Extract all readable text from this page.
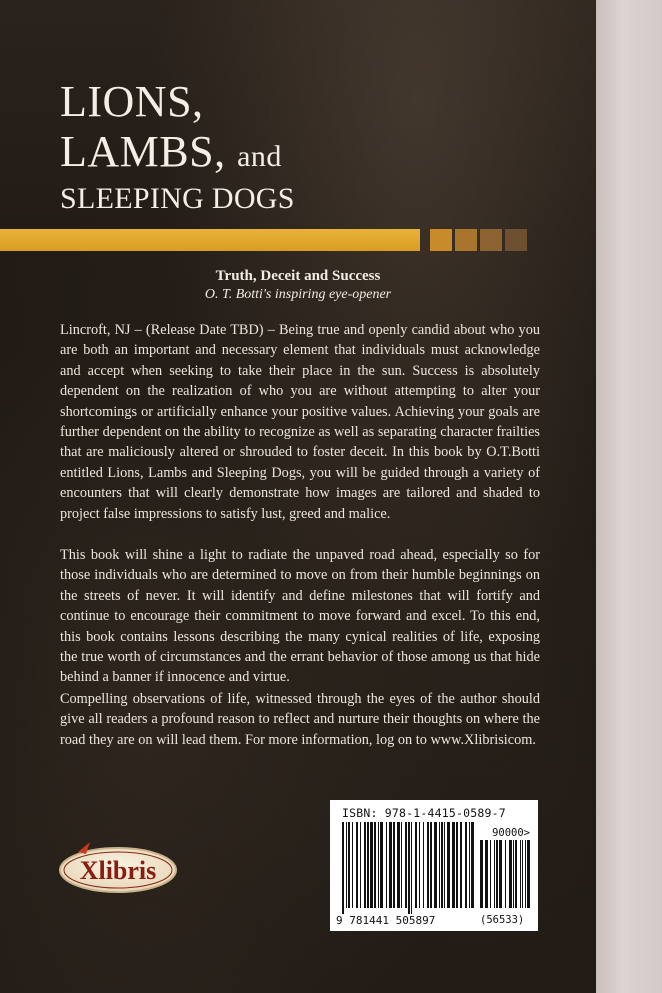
LIONS,
LAMBS, and
SLEEPING DOGS
Truth, Deceit and Success
O. T. Botti's inspiring eye-opener
Lincroft, NJ – (Release Date TBD) – Being true and openly candid about who you are both an important and necessary element that individuals must acknowledge and accept when seeking to take their place in the sun. Success is absolutely dependent on the realization of who you are without attempting to alter your shortcomings or artificially enhance your positive values. Achieving your goals are further dependent on the ability to recognize as well as separating character frailties that are maliciously altered or shrouded to foster deceit. In this book by O.T.Botti entitled Lions, Lambs and Sleeping Dogs, you will be guided through a variety of encounters that will clearly demonstrate how images are tailored and shaded to project false impressions to satisfy lust, greed and malice.
This book will shine a light to radiate the unpaved road ahead, especially so for those individuals who are determined to move on from their humble beginnings on the streets of never. It will identify and define milestones that will fortify and continue to encourage their commitment to move forward and excel. To this end, this book contains lessons describing the many cynical realities of life, exposing the true worth of circumstances and the errant behavior of those among us that hide behind a banner if innocence and virtue.
Compelling observations of life, witnessed through the eyes of the author should give all readers a profound reason to reflect and nurture their thoughts on where the road they are on will lead them. For more information, log on to www.Xlibrisicom.
Xlibris
ISBN: 978-1-4415-0589-7
90000>
9 781441 505897	(56533)
